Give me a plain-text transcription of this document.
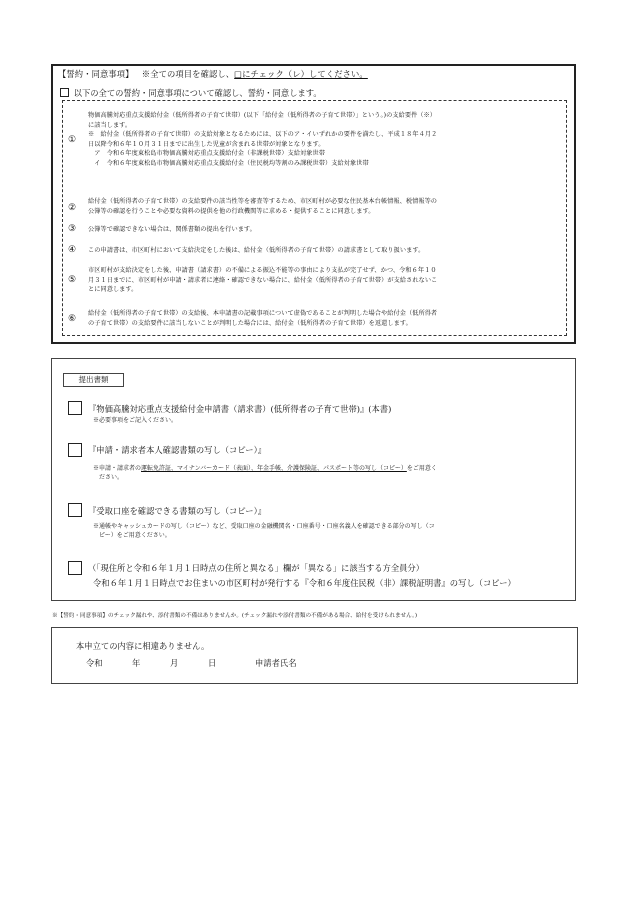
【誓約・同意事項】 ※全ての項目を確認し、□にチェック（レ）してください。
以下の全ての誓約・同意事項について確認し、誓約・同意します。
①
物価高騰対応重点支援給付金（低所得者の子育て世帯）(以下「給付金（低所得者の子育て世帯）」という。)の支給要件（※）
に該当します。
※　給付金（低所得者の子育て世帯）の支給対象となるためには、以下のア・イいずれかの要件を満たし、平成１８年４月２
日以降令和６年１０月３１日までに出生した児童が含まれる世帯が対象となります。
　ア　令和６年度東松島市物価高騰対応重点支援給付金（非課税世帯）支給対象世帯
　イ　令和６年度東松島市物価高騰対応重点支援給付金（住民税均等割のみ課税世帯）支給対象世帯
②
給付金（低所得者の子育て世帯）の支給要件の該当性等を審査等するため、市区町村が必要な住民基本台帳情報、税情報等の
公簿等の確認を行うことや必要な資料の提供を他の行政機関等に求める・提供することに同意します。
③ 公簿等で確認できない場合は、関係書類の提出を行います。
④ この申請書は、市区町村において支給決定をした後は、給付金（低所得者の子育て世帯）の請求書として取り扱います。
⑤
市区町村が支給決定をした後、申請書（請求書）の不備による振込不能等の事由により支払が完了せず、かつ、令和６年１０
月３１日までに、市区町村が申請・請求者に連絡・確認できない場合に、給付金（低所得者の子育て世帯）が支給されないこ
とに同意します。
⑥
給付金（低所得者の子育て世帯）の支給後、本申請書の記載事項について虚偽であることが判明した場合や給付金（低所得者
の子育て世帯）の支給要件に該当しないことが判明した場合には、給付金（低所得者の子育て世帯）を返還します。
提出書類
『物価高騰対応重点支援給付金申請書（請求書）(低所得者の子育て世帯)』(本書)
※必要事項をご記入ください。
『申請・請求者本人確認書類の写し（コピー）』
※申請・請求者の運転免許証、マイナンバーカード（表面）、年金手帳、介護保険証、パスポート等の写し（コピー）をご用意く
ださい。
『受取口座を確認できる書類の写し（コピー）』
※通帳やキャッシュカードの写し（コピー）など、受取口座の金融機関名・口座番号・口座名義人を確認できる部分の写し（コ
ピー）をご用意ください。
（「現住所と令和６年１月１日時点の住所と異なる」欄が「異なる」に該当する方全員分）
令和６年１月１日時点でお住まいの市区町村が発行する『令和６年度住民税（非）課税証明書』の写し（コピー）
※【誓約・同意事項】のチェック漏れや、添付書類の不備はありませんか。(チェック漏れや添付書類の不備がある場合、給付を受けられません。)
本申立ての内容に相違ありません。
令和	年	月	日	申請者氏名
